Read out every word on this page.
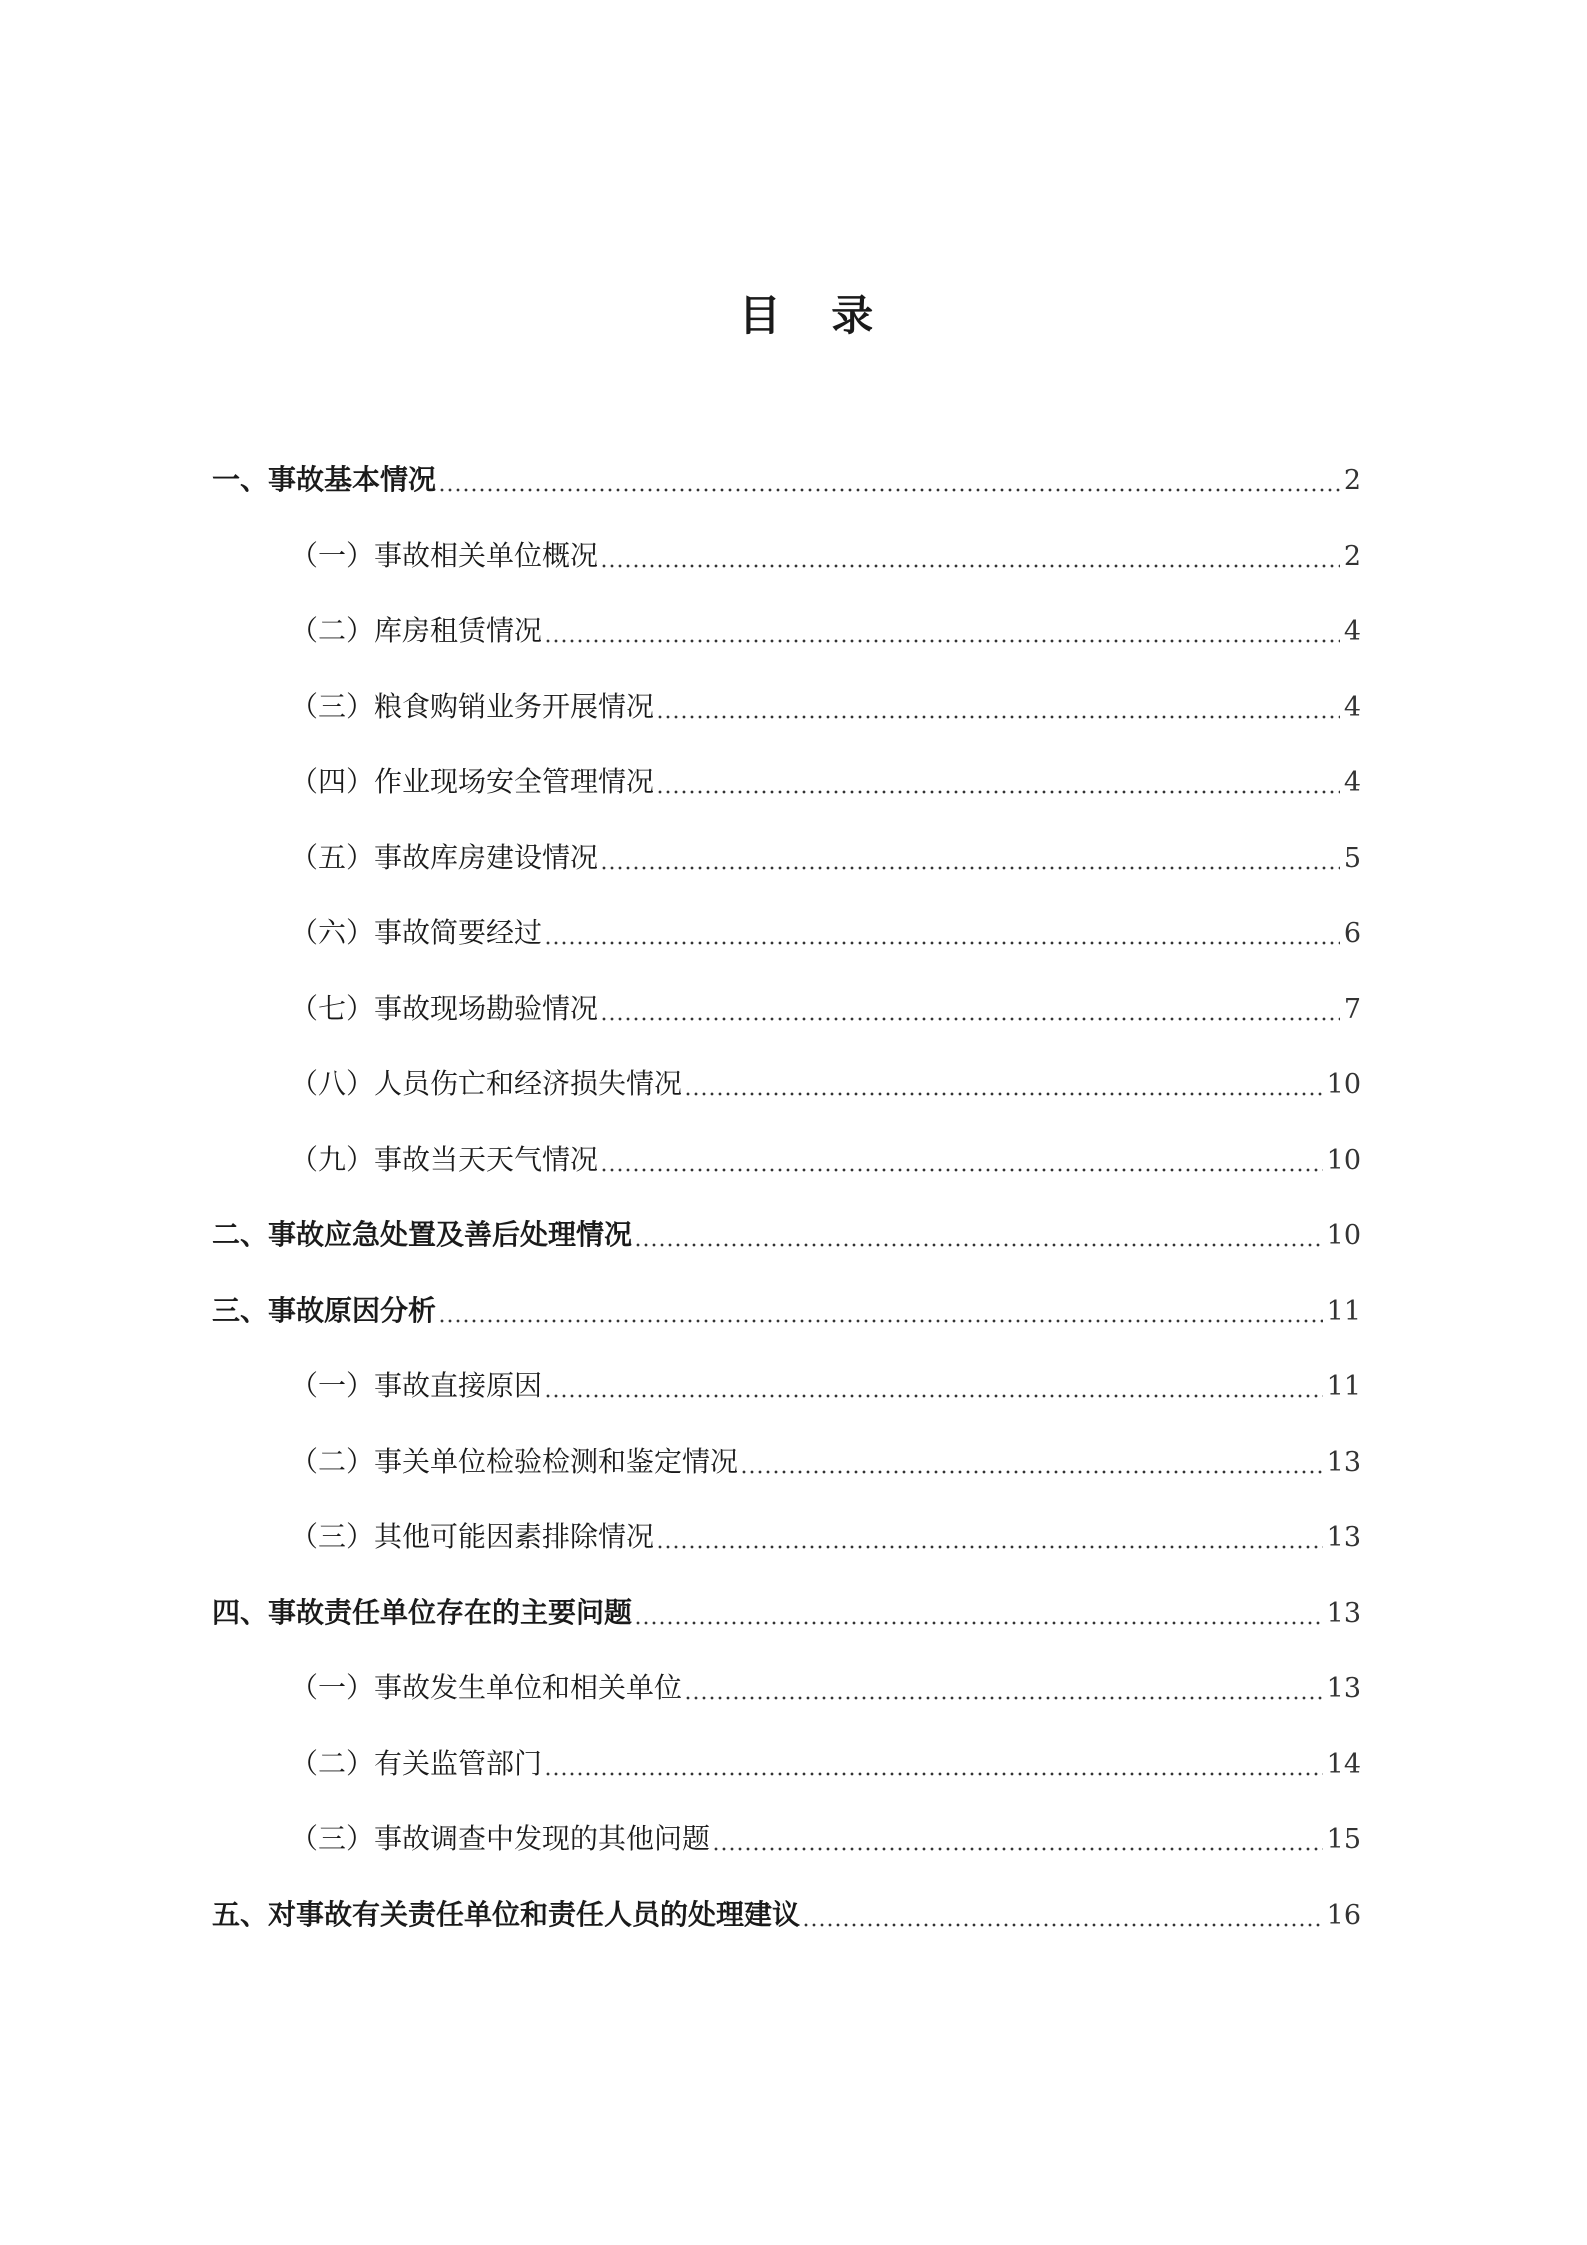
目 录
一、事故基本情况	2
（一）事故相关单位概况	2
（二）库房租赁情况	4
（三）粮食购销业务开展情况	4
（四）作业现场安全管理情况	4
（五）事故库房建设情况	5
（六）事故简要经过	6
（七）事故现场勘验情况	7
（八）人员伤亡和经济损失情况	10
（九）事故当天天气情况	10
二、事故应急处置及善后处理情况	10
三、事故原因分析	11
（一）事故直接原因	11
（二）事关单位检验检测和鉴定情况	13
（三）其他可能因素排除情况	13
四、事故责任单位存在的主要问题	13
（一）事故发生单位和相关单位	13
（二）有关监管部门	14
（三）事故调查中发现的其他问题	15
五、对事故有关责任单位和责任人员的处理建议	16
